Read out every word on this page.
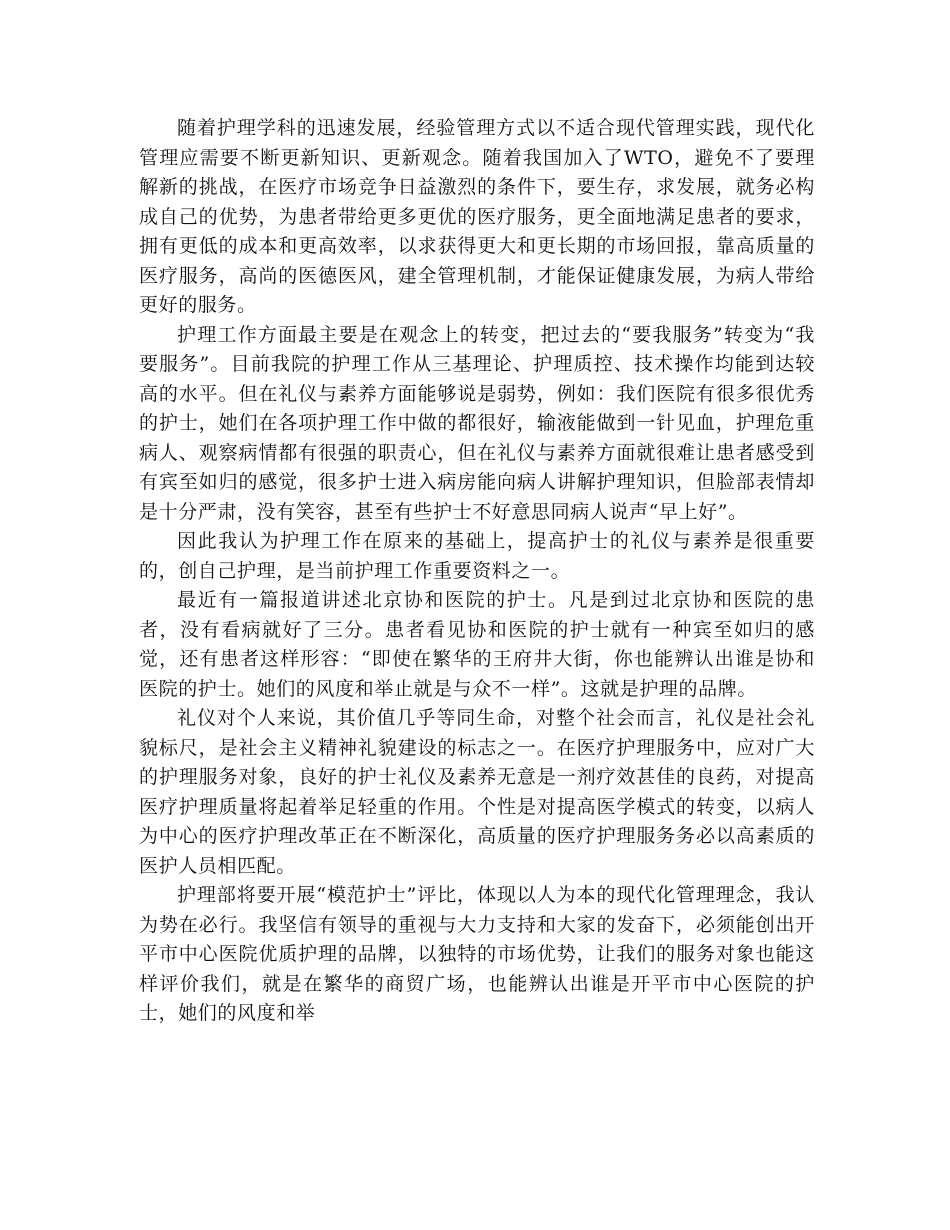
随着护理学科的迅速发展，经验管理方式以不适合现代管理实践，现代化管理应需要不断更新知识、更新观念。随着我国加入了WTO，避免不了要理解新的挑战，在医疗市场竞争日益激烈的条件下，要生存，求发展，就务必构成自己的优势，为患者带给更多更优的医疗服务，更全面地满足患者的要求，拥有更低的成本和更高效率，以求获得更大和更长期的市场回报，靠高质量的医疗服务，高尚的医德医风，建全管理机制，才能保证健康发展，为病人带给更好的服务。

护理工作方面最主要是在观念上的转变，把过去的“要我服务”转变为“我要服务”。目前我院的护理工作从三基理论、护理质控、技术操作均能到达较高的水平。但在礼仪与素养方面能够说是弱势，例如：我们医院有很多很优秀的护士，她们在各项护理工作中做的都很好，输液能做到一针见血，护理危重病人、观察病情都有很强的职责心，但在礼仪与素养方面就很难让患者感受到有宾至如归的感觉，很多护士进入病房能向病人讲解护理知识，但脸部表情却是十分严肃，没有笑容，甚至有些护士不好意思同病人说声“早上好”。

因此我认为护理工作在原来的基础上，提高护士的礼仪与素养是很重要的，创自己护理，是当前护理工作重要资料之一。

最近有一篇报道讲述北京协和医院的护士。凡是到过北京协和医院的患者，没有看病就好了三分。患者看见协和医院的护士就有一种宾至如归的感觉，还有患者这样形容：“即使在繁华的王府井大街，你也能辨认出谁是协和医院的护士。她们的风度和举止就是与众不一样”。这就是护理的品牌。

礼仪对个人来说，其价值几乎等同生命，对整个社会而言，礼仪是社会礼貌标尺，是社会主义精神礼貌建设的标志之一。在医疗护理服务中，应对广大的护理服务对象，良好的护士礼仪及素养无意是一剂疗效甚佳的良药，对提高医疗护理质量将起着举足轻重的作用。个性是对提高医学模式的转变，以病人为中心的医疗护理改革正在不断深化，高质量的医疗护理服务务必以高素质的医护人员相匹配。

护理部将要开展“模范护士”评比，体现以人为本的现代化管理理念，我认为势在必行。我坚信有领导的重视与大力支持和大家的发奋下，必须能创出开平市中心医院优质护理的品牌，以独特的市场优势，让我们的服务对象也能这样评价我们，就是在繁华的商贸广场，也能辨认出谁是开平市中心医院的护士，她们的风度和举
